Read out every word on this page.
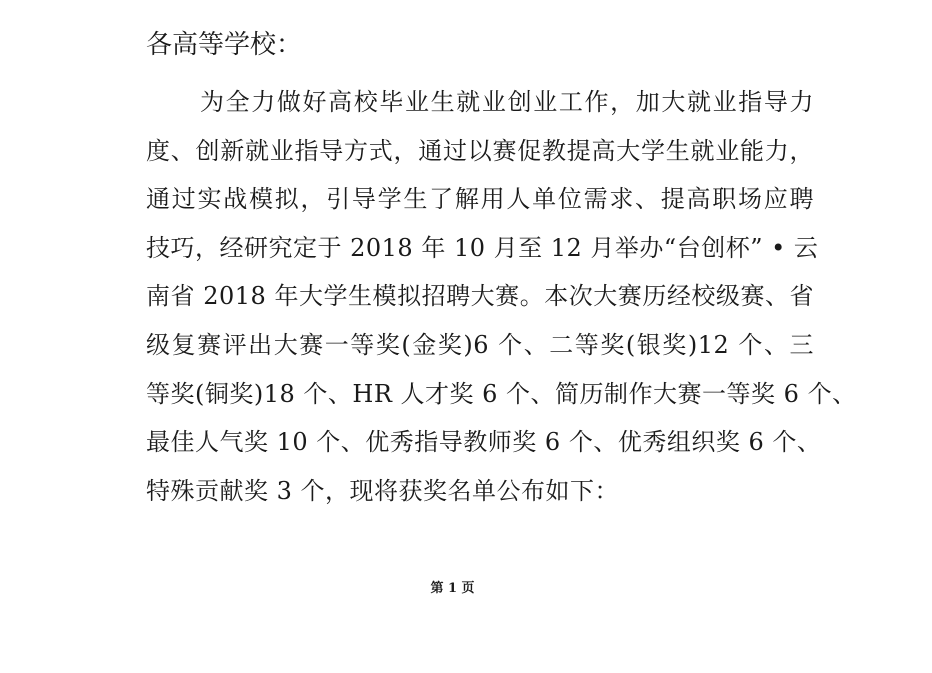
各高等学校：
为全力做好高校毕业生就业创业工作，加大就业指导力
度、创新就业指导方式，通过以赛促教提高大学生就业能力，
通过实战模拟，引导学生了解用人单位需求、提高职场应聘
技巧，经研究定于 2018 年 10 月至 12 月举办“台创杯” • 云
南省 2018 年大学生模拟招聘大赛。本次大赛历经校级赛、省
级复赛评出大赛一等奖(金奖)6 个、二等奖(银奖)12 个、三
等奖(铜奖)18 个、HR 人才奖 6 个、简历制作大赛一等奖 6 个、
最佳人气奖 10 个、优秀指导教师奖 6 个、优秀组织奖 6 个、
特殊贡献奖 3 个，现将获奖名单公布如下：
第 1 页
